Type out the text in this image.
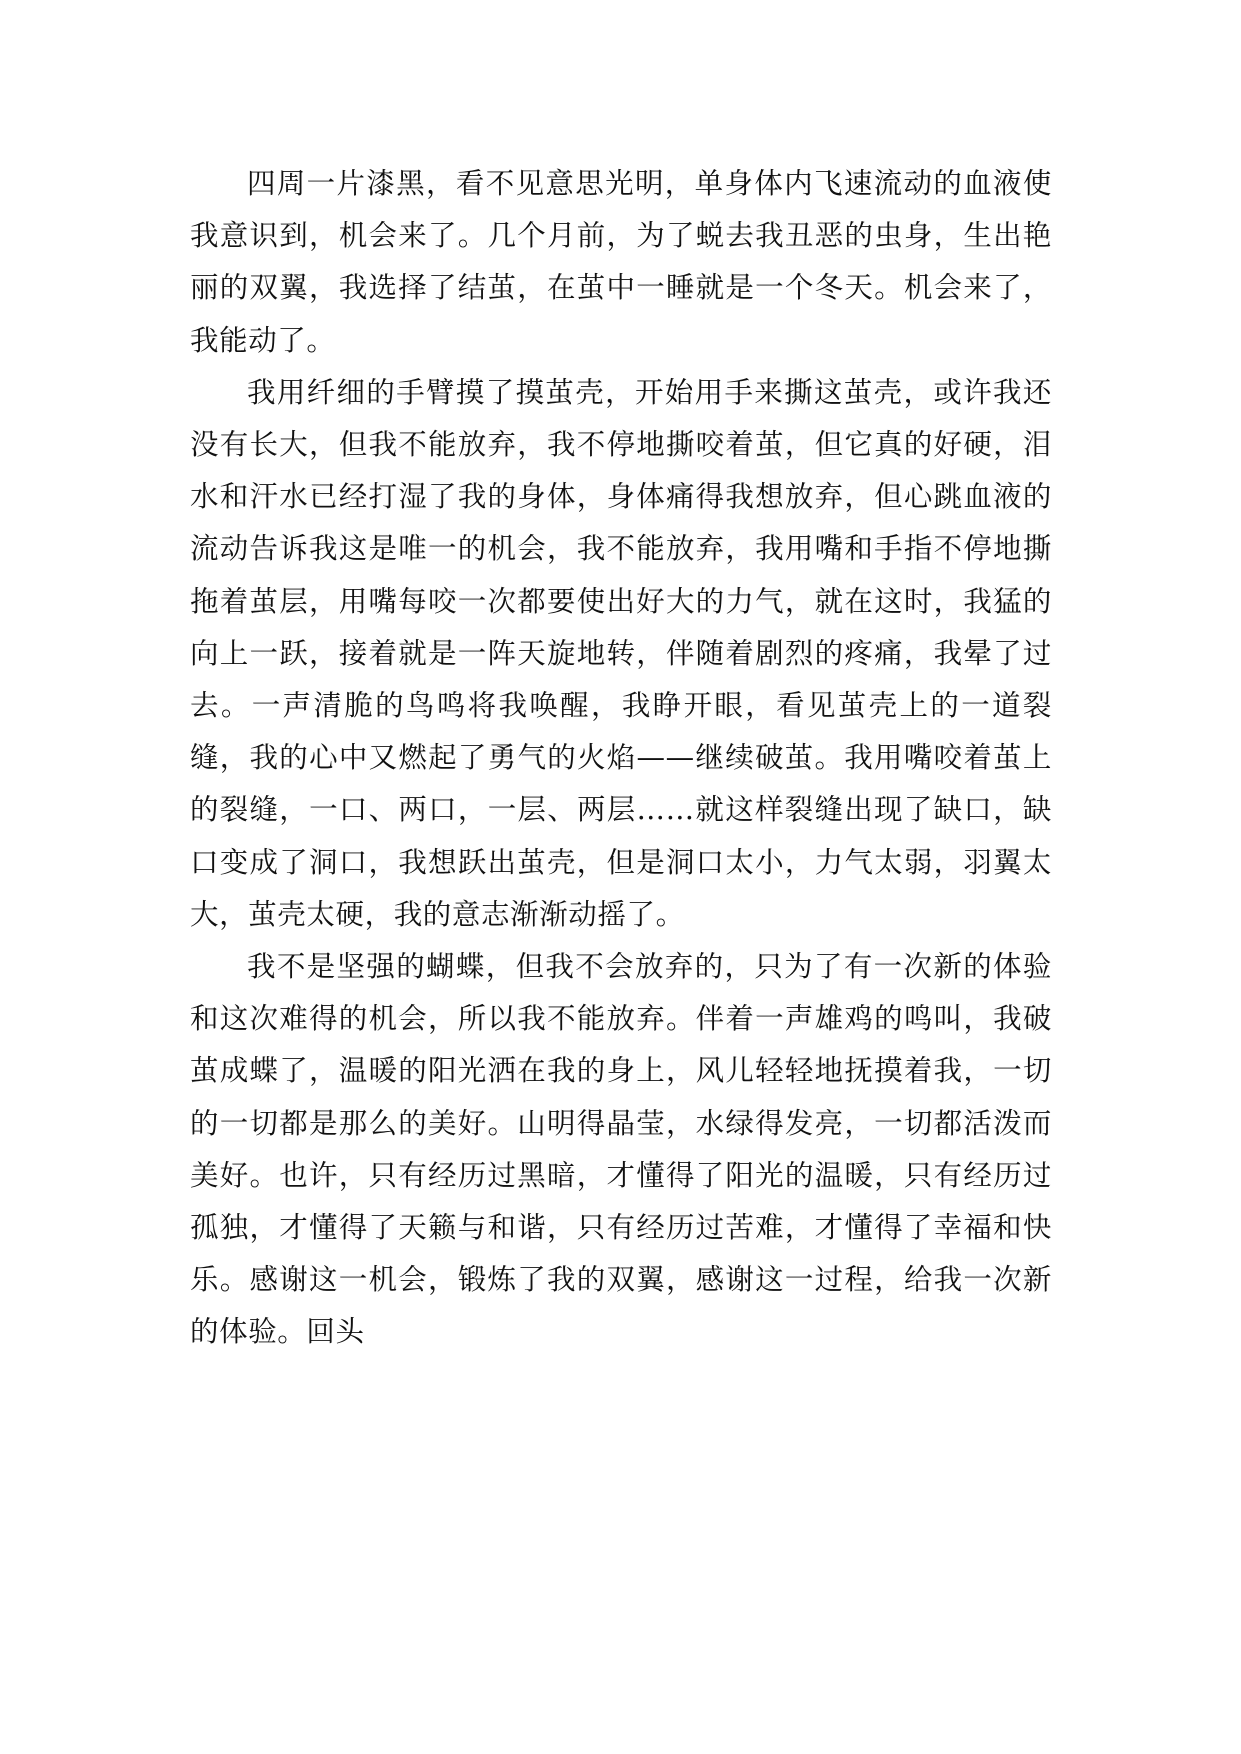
四周一片漆黑，看不见意思光明，单身体内飞速流动的血液使我意识到，机会来了。几个月前，为了蜕去我丑恶的虫身，生出艳丽的双翼，我选择了结茧，在茧中一睡就是一个冬天。机会来了，我能动了。

我用纤细的手臂摸了摸茧壳，开始用手来撕这茧壳，或许我还没有长大，但我不能放弃，我不停地撕咬着茧，但它真的好硬，泪水和汗水已经打湿了我的身体，身体痛得我想放弃，但心跳血液的流动告诉我这是唯一的机会，我不能放弃，我用嘴和手指不停地撕拖着茧层，用嘴每咬一次都要使出好大的力气，就在这时，我猛的向上一跃，接着就是一阵天旋地转，伴随着剧烈的疼痛，我晕了过去。一声清脆的鸟鸣将我唤醒，我睁开眼，看见茧壳上的一道裂缝，我的心中又燃起了勇气的火焰——继续破茧。我用嘴咬着茧上的裂缝，一口、两口，一层、两层……就这样裂缝出现了缺口，缺口变成了洞口，我想跃出茧壳，但是洞口太小，力气太弱，羽翼太大，茧壳太硬，我的意志渐渐动摇了。

我不是坚强的蝴蝶，但我不会放弃的，只为了有一次新的体验和这次难得的机会，所以我不能放弃。伴着一声雄鸡的鸣叫，我破茧成蝶了，温暖的阳光洒在我的身上，风儿轻轻地抚摸着我，一切的一切都是那么的美好。山明得晶莹，水绿得发亮，一切都活泼而美好。也许，只有经历过黑暗，才懂得了阳光的温暖，只有经历过孤独，才懂得了天籁与和谐，只有经历过苦难，才懂得了幸福和快乐。感谢这一机会，锻炼了我的双翼，感谢这一过程，给我一次新的体验。回头
